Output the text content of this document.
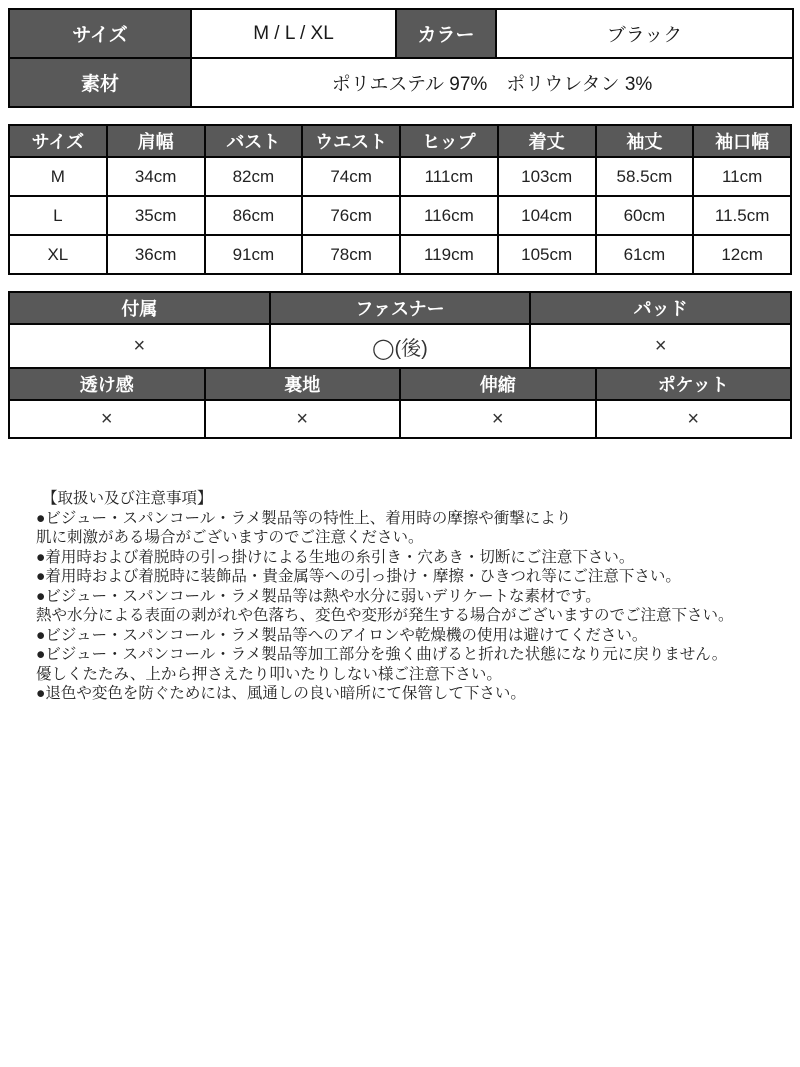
サイズ	M / L / XL	カラー	ブラック
素材	ポリエステル 97%　ポリウレタン 3%		
サイズ	肩幅	バスト	ウエスト	ヒップ	着丈	袖丈	袖口幅
M	34cm	82cm	74cm	111cm	103cm	58.5cm	11cm
L	35cm	86cm	76cm	116cm	104cm	60cm	11.5cm
XL	36cm	91cm	78cm	119cm	105cm	61cm	12cm
付属	ファスナー	パッド
×	◯(後)	×
透け感	裏地	伸縮	ポケット
×	×	×	×
【取扱い及び注意事項】
●ビジュー・スパンコール・ラメ製品等の特性上、着用時の摩擦や衝撃により
肌に刺激がある場合がございますのでご注意ください。
●着用時および着脱時の引っ掛けによる生地の糸引き・穴あき・切断にご注意下さい。
●着用時および着脱時に装飾品・貴金属等への引っ掛け・摩擦・ひきつれ等にご注意下さい。
●ビジュー・スパンコール・ラメ製品等は熱や水分に弱いデリケートな素材です。
熱や水分による表面の剥がれや色落ち、変色や変形が発生する場合がございますのでご注意下さい。
●ビジュー・スパンコール・ラメ製品等へのアイロンや乾燥機の使用は避けてください。
●ビジュー・スパンコール・ラメ製品等加工部分を強く曲げると折れた状態になり元に戻りません。
優しくたたみ、上から押さえたり叩いたりしない様ご注意下さい。
●退色や変色を防ぐためには、風通しの良い暗所にて保管して下さい。
